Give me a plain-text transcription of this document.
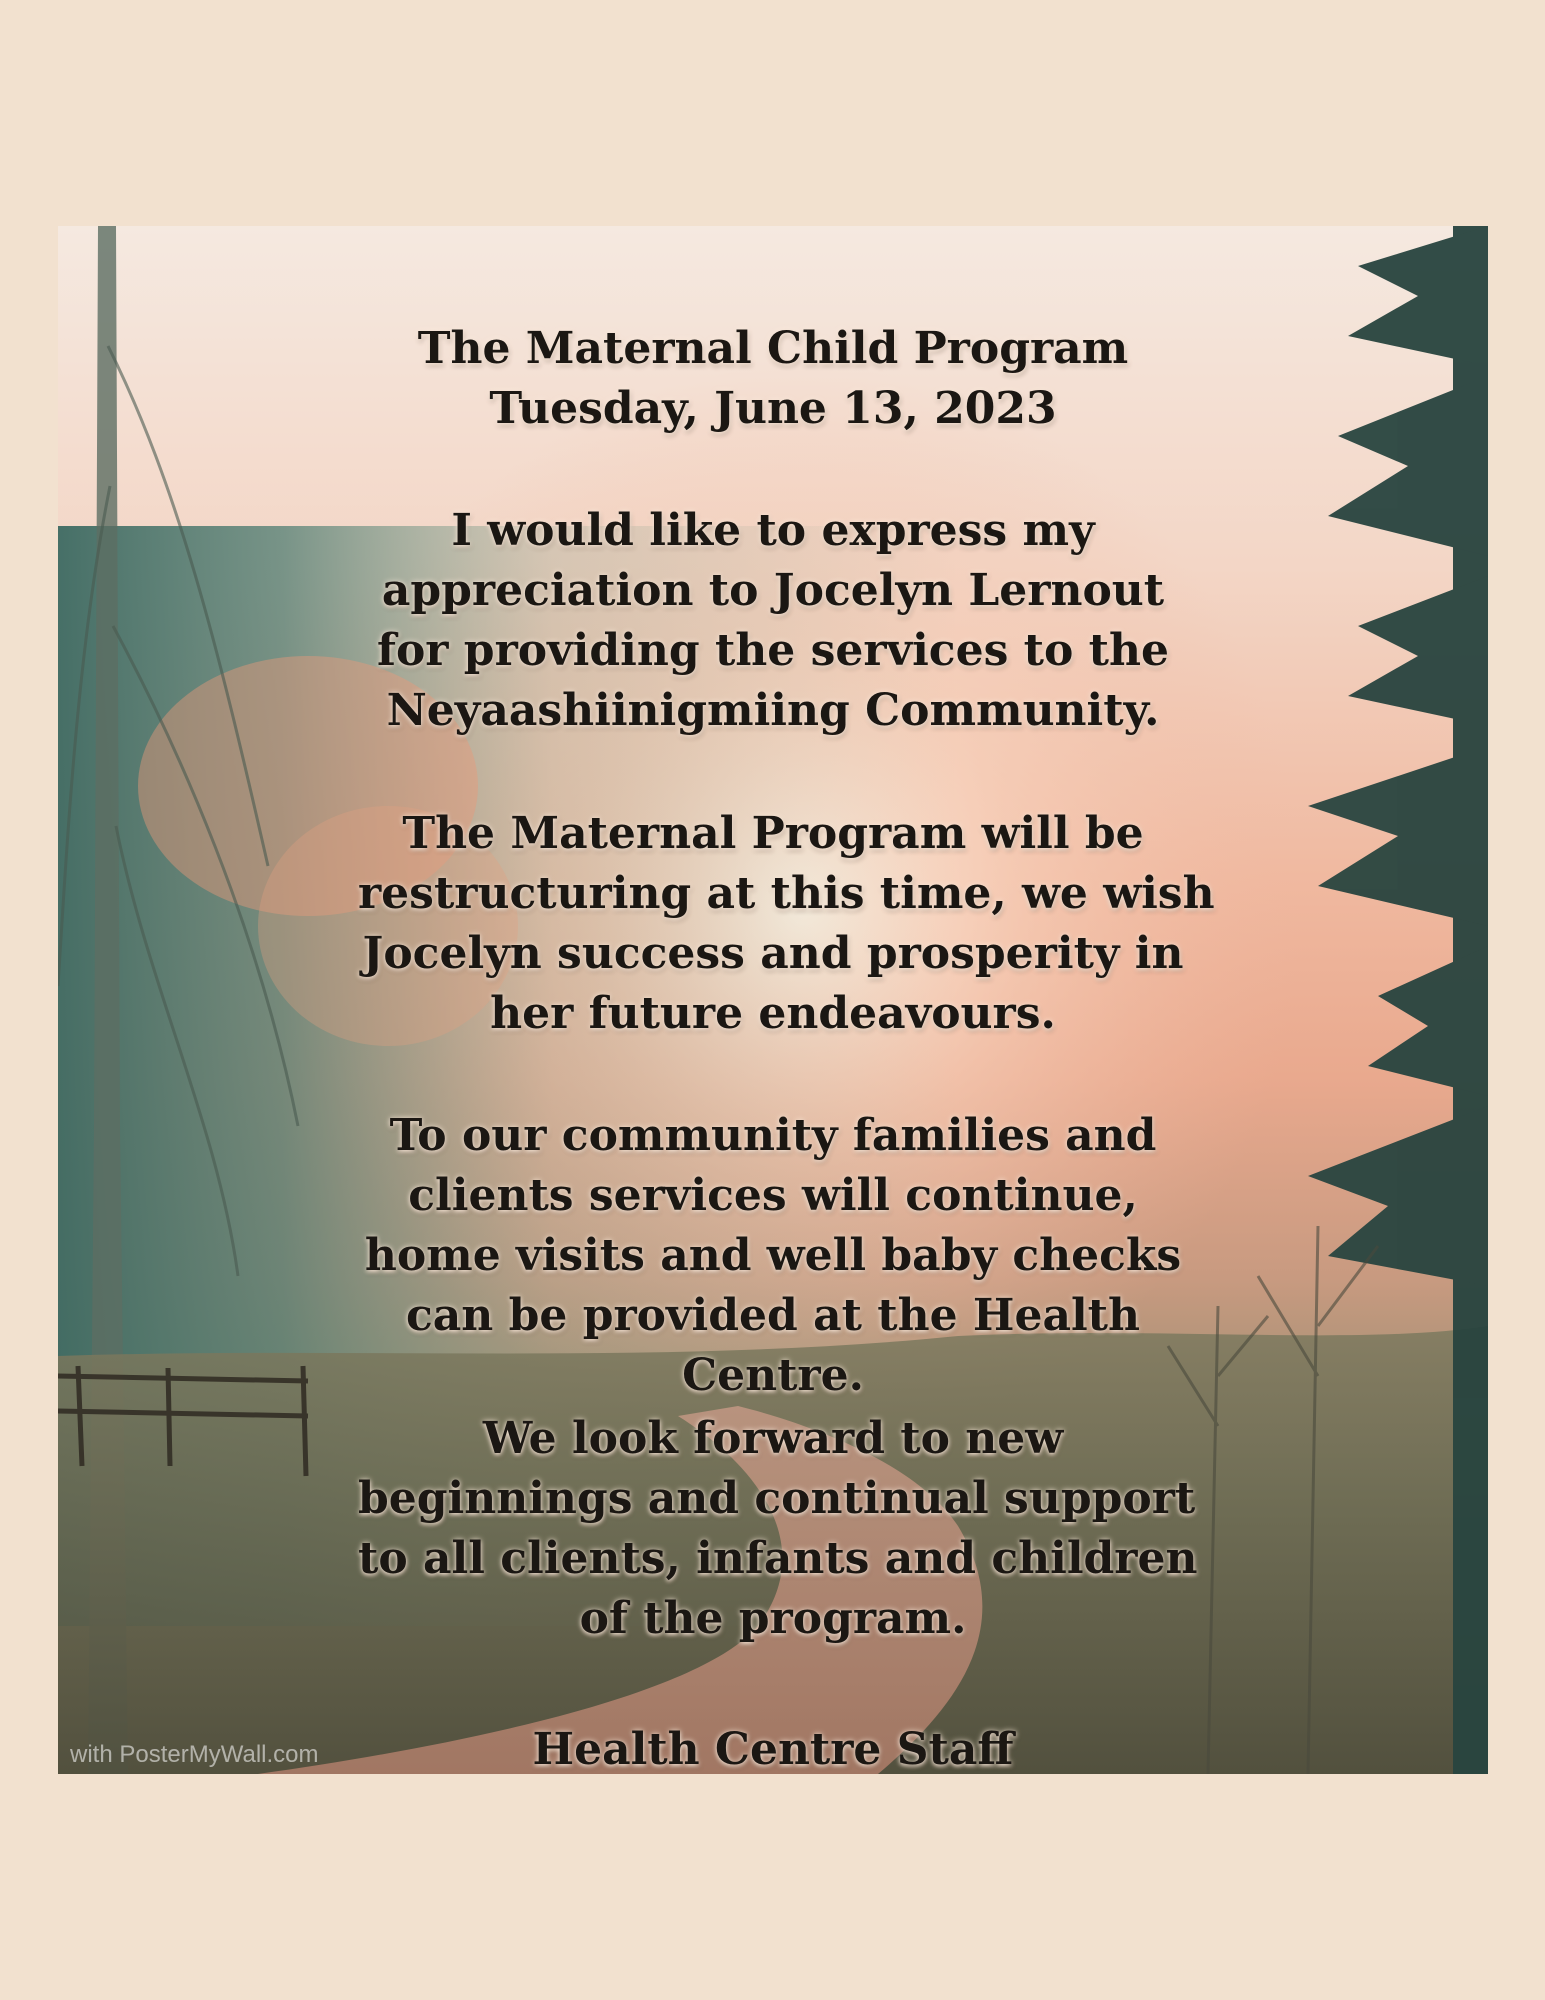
The Maternal Child Program
Tuesday, June 13, 2023
I would like to express my
appreciation to Jocelyn Lernout
for providing the services to the
Neyaashiinigmiing Community.
The Maternal Program will be
restructuring at this time, we wish
Jocelyn success and prosperity in
her future endeavours.
To our community families and
clients services will continue,
home visits and well baby checks
can be provided at the Health
Centre.
We look forward to new
beginnings and continual support
to all clients, infants and children
of the program.
Health Centre Staff
with PosterMyWall.com
